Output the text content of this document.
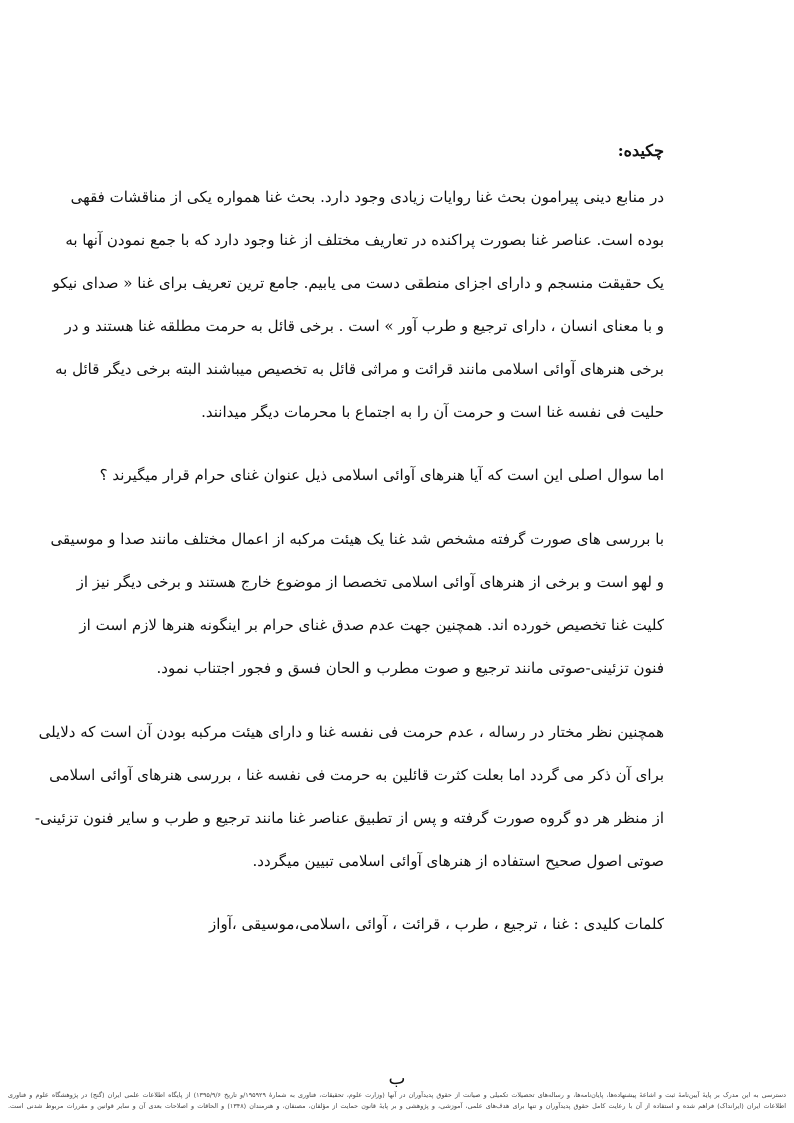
چکیده:
در منابع دینی پیرامون بحث غنا روایات زیادی وجود دارد. بحث غنا همواره یکی از مناقشات فقهی
بوده است. عناصر غنا بصورت پراکنده در تعاریف مختلف از غنا وجود دارد که با جمع نمودن آنها به
یک حقیقت منسجم و دارای اجزای منطقی دست می یابیم. جامع ترین تعریف برای غنا « صدای نیکو
و با معنای انسان ، دارای ترجیع و طرب آور » است . برخی قائل به حرمت مطلقه غنا هستند و در
برخی هنرهای آوائی اسلامی مانند قرائت و مراثی قائل به تخصیص میباشند البته برخی دیگر قائل به
حلیت فی نفسه غنا است و حرمت آن را به اجتماع با محرمات دیگر میدانند.
اما سوال اصلی این است که آیا هنرهای آوائی اسلامی ذیل عنوان غنای حرام قرار میگیرند ؟
با بررسی های صورت گرفته مشخص شد غنا یک هیئت مرکبه از اعمال مختلف مانند صدا و موسیقی
و لهو است و برخی از هنرهای آوائی اسلامی تخصصا از موضوع خارج هستند و برخی دیگر نیز از
کلیت غنا تخصیص خورده اند. همچنین جهت عدم صدق غنای حرام بر اینگونه هنرها لازم است از
فنون تزئینی-صوتی مانند ترجیع و صوت مطرب و الحان فسق و فجور اجتناب نمود.
همچنین نظر مختار در رساله ، عدم حرمت فی نفسه غنا و دارای هیئت مرکبه بودن آن است که دلایلی
برای آن ذکر می گردد اما بعلت کثرت قائلین به حرمت فی نفسه غنا ، بررسی هنرهای آوائی اسلامی
از منظر هر دو گروه صورت گرفته و پس از تطبیق عناصر غنا مانند ترجیع و طرب و سایر فنون تزئینی-
صوتی اصول صحیح استفاده از هنرهای آوائی اسلامی تبیین میگردد.
کلمات کلیدی : غنا ، ترجیع ، طرب ، قرائت ، آوائی ،اسلامی،موسیقی ،آواز
ب
دسترسی به این مدرک بر پایهٔ آیین‌نامهٔ ثبت و اشاعهٔ پیشنهاده‌ها، پایان‌نامه‌ها، و رساله‌های تحصیلات تکمیلی و صیانت از حقوق پدیدآوران در آنها (وزارت علوم، تحقیقات، فناوری به شمارهٔ ۱۹۵۹۲۹/و تاریخ ۱۳۹۵/۹/۶) از پایگاه اطلاعات علمی ایران (گنج) در پژوهشگاه علوم و فناوری
اطلاعات ایران (ایرانداک) فراهم شده و استفاده از آن با رعایت کامل حقوق پدیدآوران و تنها برای هدف‌های علمی، آموزشی، و پژوهشی و بر پایهٔ قانون حمایت از مؤلفان، مصنفان، و هنرمندان (۱۳۴۸) و الحاقات و اصلاحات بعدی آن و سایر قوانین و مقررات مربوط شدنی است.
